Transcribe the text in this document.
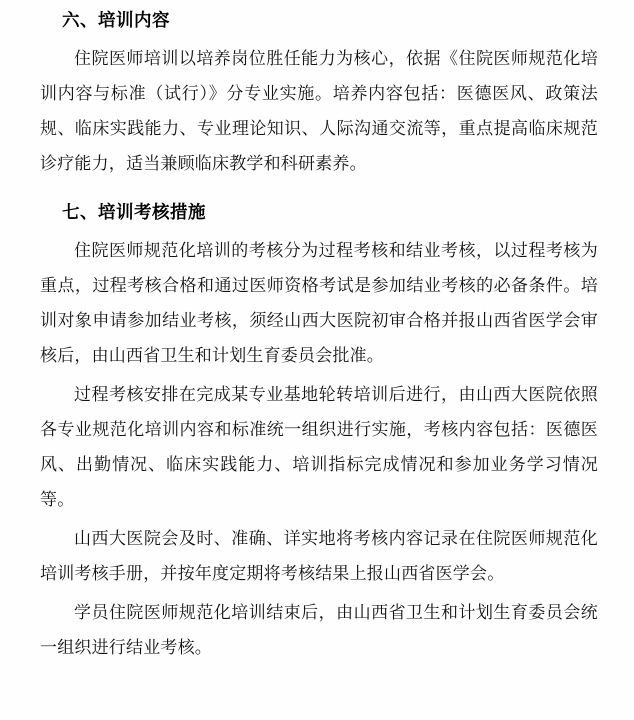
六、培训内容

住院医师培训以培养岗位胜任能力为核心，依据《住院医师规范化培训内容与标准（试行）》分专业实施。培养内容包括：医德医风、政策法规、临床实践能力、专业理论知识、人际沟通交流等，重点提高临床规范诊疗能力，适当兼顾临床教学和科研素养。

七、培训考核措施

住院医师规范化培训的考核分为过程考核和结业考核，以过程考核为重点，过程考核合格和通过医师资格考试是参加结业考核的必备条件。培训对象申请参加结业考核，须经山西大医院初审合格并报山西省医学会审核后，由山西省卫生和计划生育委员会批准。

过程考核安排在完成某专业基地轮转培训后进行，由山西大医院依照各专业规范化培训内容和标准统一组织进行实施，考核内容包括：医德医风、出勤情况、临床实践能力、培训指标完成情况和参加业务学习情况等。

山西大医院会及时、准确、详实地将考核内容记录在住院医师规范化培训考核手册，并按年度定期将考核结果上报山西省医学会。

学员住院医师规范化培训结束后，由山西省卫生和计划生育委员会统一组织进行结业考核。
